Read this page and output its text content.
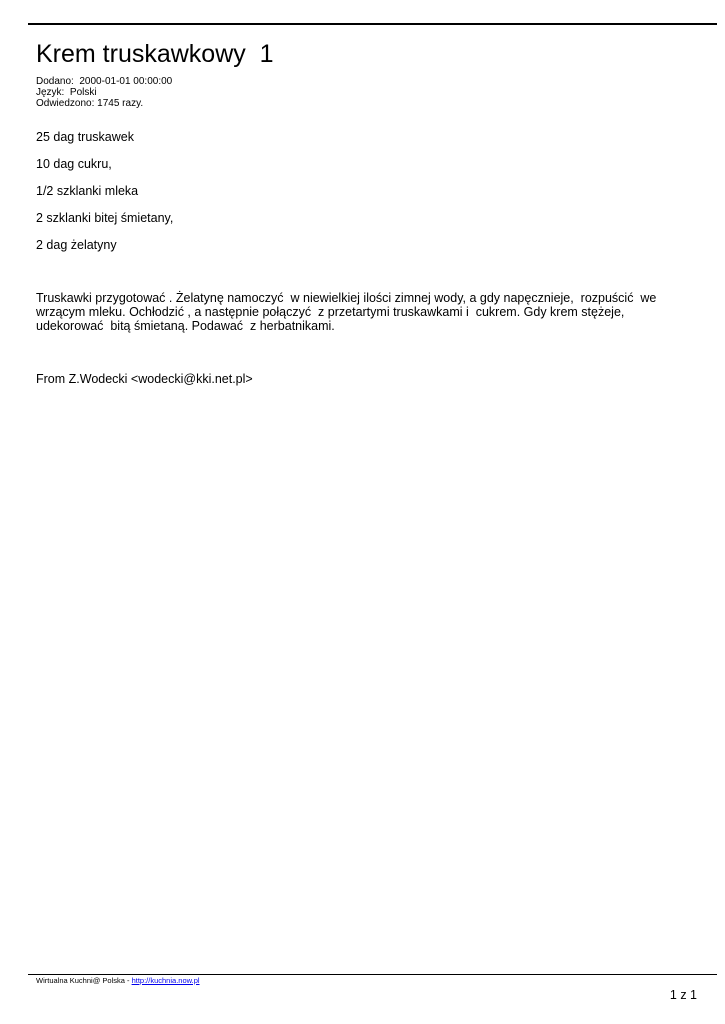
Krem truskawkowy  1
Dodano:  2000-01-01 00:00:00
Język:  Polski
Odwiedzono: 1745 razy.
25 dag truskawek
10 dag cukru,
1/2 szklanki mleka
2 szklanki bitej śmietany,
2 dag żelatyny
Truskawki przygotować . Żelatynę namoczyć  w niewielkiej ilości zimnej wody, a gdy napęcznieje,  rozpuścić  we
wrzącym mleku. Ochłodzić , a następnie połączyć  z przetartymi truskawkami i  cukrem. Gdy krem stężeje,
udekorować  bitą śmietaną. Podawać  z herbatnikami.
From Z.Wodecki <wodecki@kki.net.pl>
Wirtualna Kuchni@ Polska - http://kuchnia.now.pl
1 z 1
